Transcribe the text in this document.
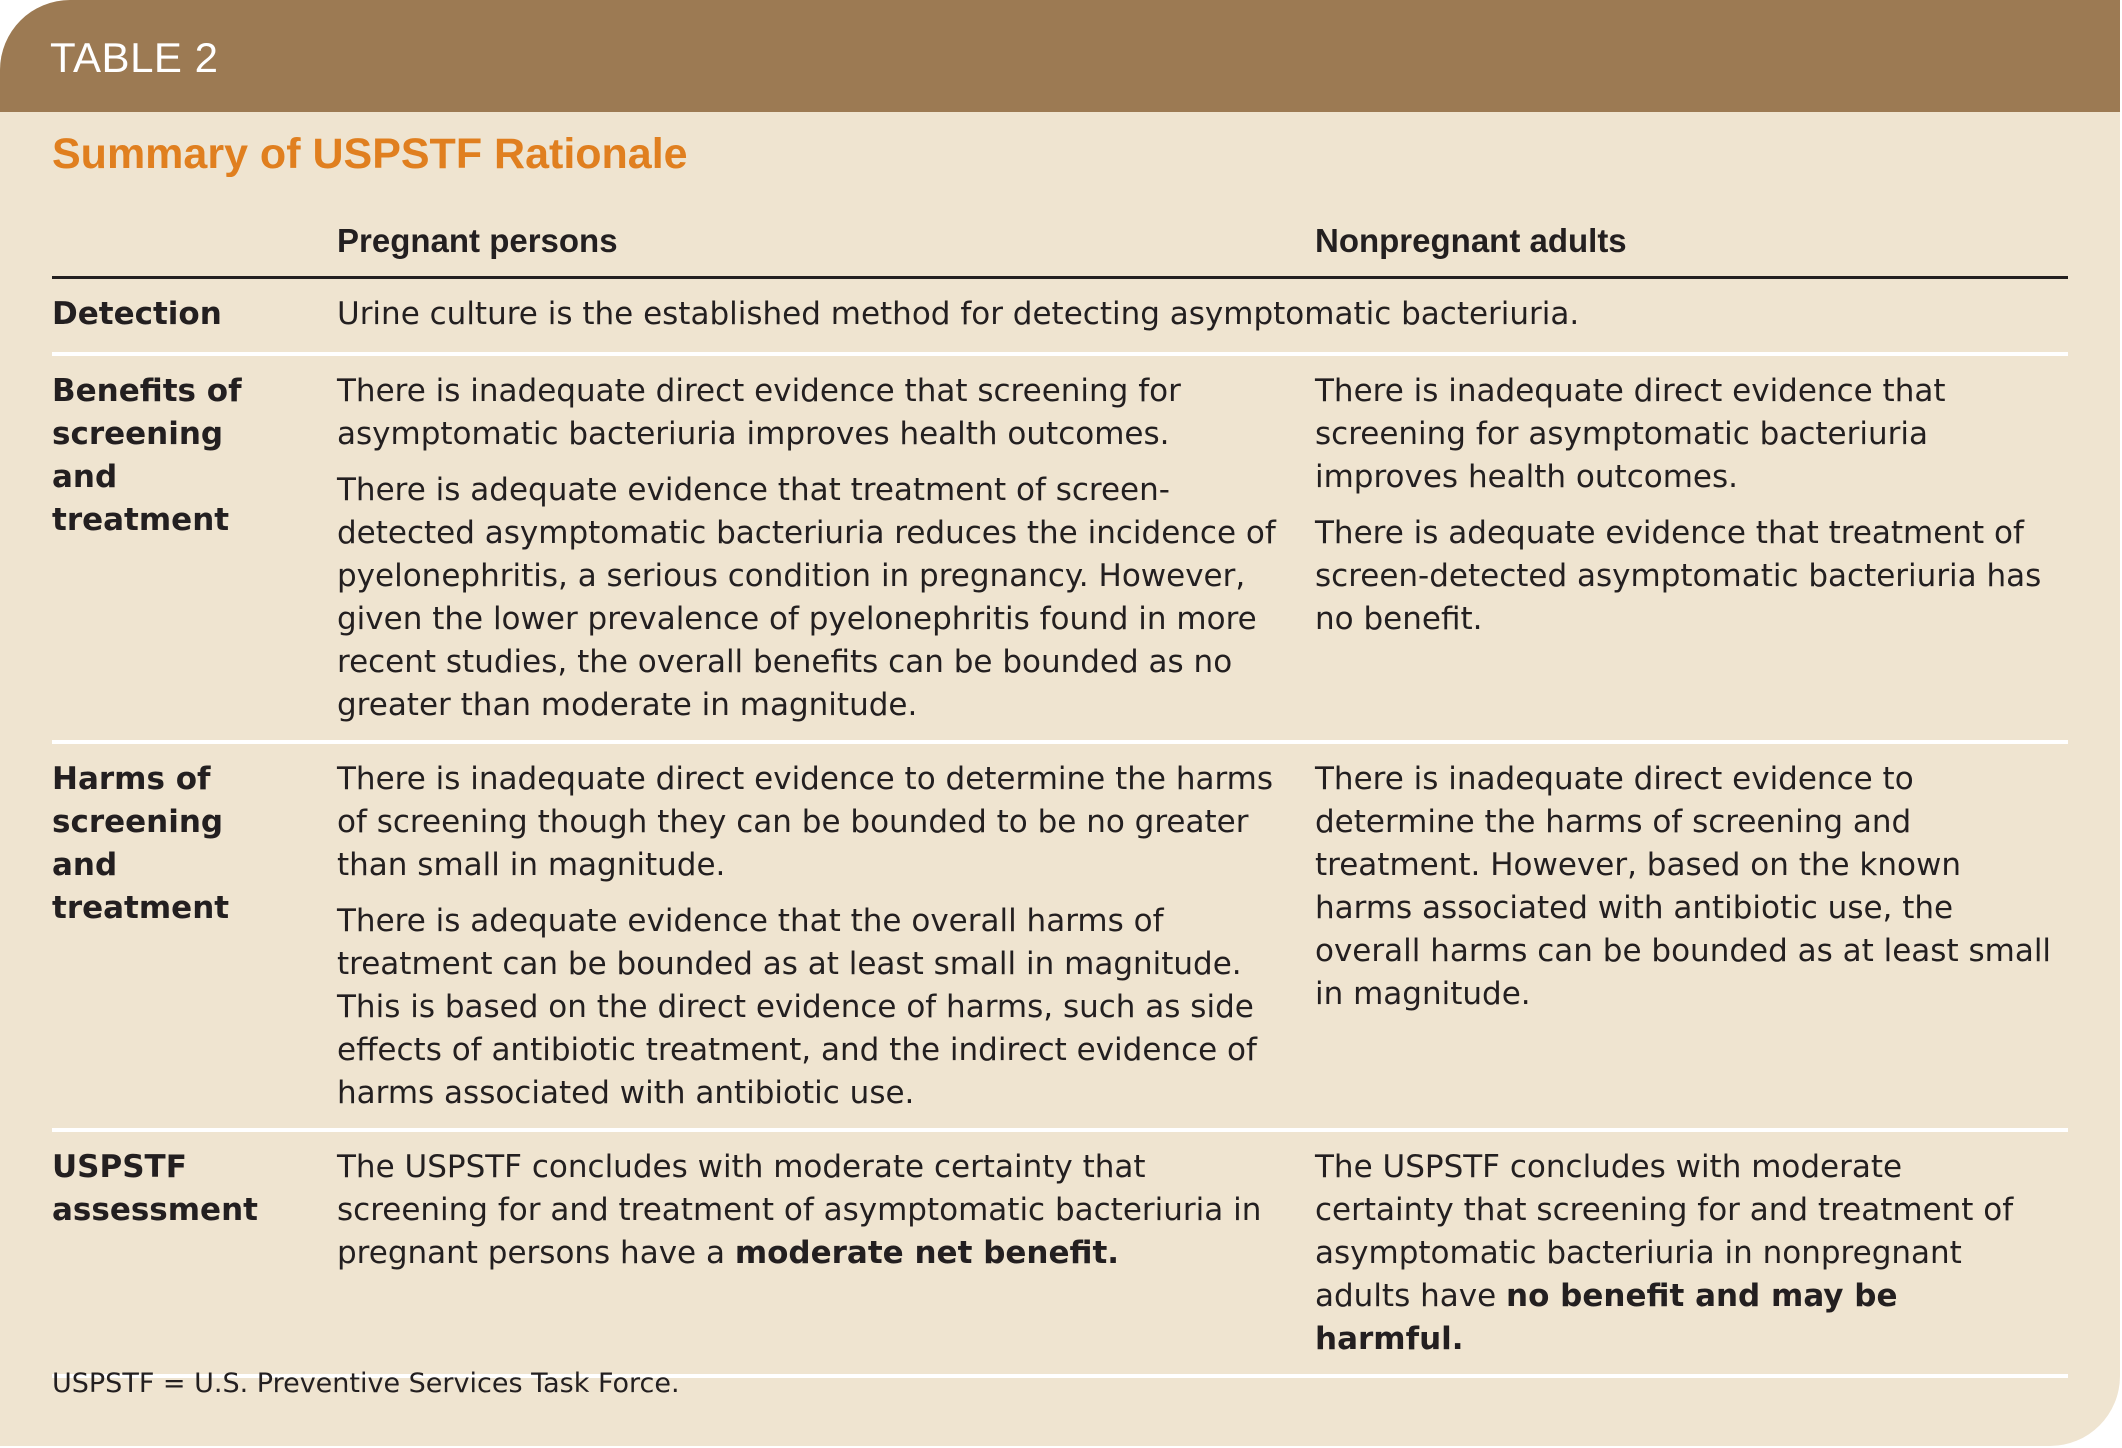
TABLE 2
Summary of USPSTF Rationale
Pregnant persons	Nonpregnant adults
Detection	Urine culture is the established method for detecting asymptomatic bacteriuria.
Benefits of screening and treatment

There is inadequate direct evidence that screening for asymptomatic bacteriuria improves health outcomes.

There is adequate evidence that treatment of screen-detected asymptomatic bacteriuria reduces the incidence of pyelonephritis, a serious condition in pregnancy. However, given the lower prevalence of pyelonephritis found in more recent studies, the overall benefits can be bounded as no greater than moderate in magnitude.

There is inadequate direct evidence that screening for asymptomatic bacteriuria improves health outcomes.

There is adequate evidence that treatment of screen-detected asymptomatic bacteriuria has no benefit.

Harms of screening and treatment

There is inadequate direct evidence to determine the harms of screening though they can be bounded to be no greater than small in magnitude.

There is adequate evidence that the overall harms of treatment can be bounded as at least small in magnitude. This is based on the direct evidence of harms, such as side effects of antibiotic treatment, and the indirect evidence of harms associated with antibiotic use.

There is inadequate direct evidence to determine the harms of screening and treatment. However, based on the known harms associated with antibiotic use, the overall harms can be bounded as at least small in magnitude.

USPSTF assessment

The USPSTF concludes with moderate certainty that screening for and treatment of asymptomatic bacteriuria in pregnant persons have a moderate net benefit.

The USPSTF concludes with moderate certainty that screening for and treatment of asymptomatic bacteriuria in nonpregnant adults have no benefit and may be harmful.

USPSTF = U.S. Preventive Services Task Force.
